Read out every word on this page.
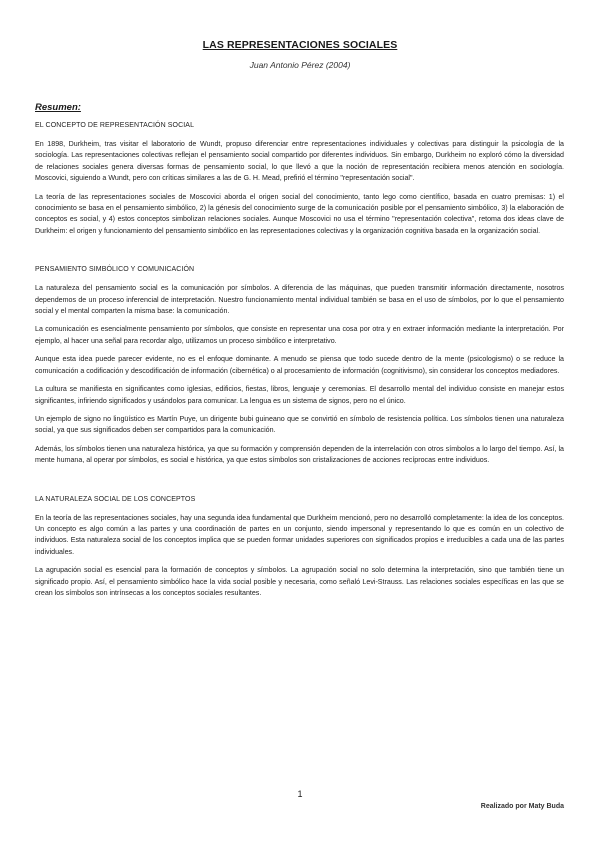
LAS REPRESENTACIONES SOCIALES
Juan Antonio Pérez (2004)
Resumen:
EL CONCEPTO DE REPRESENTACIÓN SOCIAL

En 1898, Durkheim, tras visitar el laboratorio de Wundt, propuso diferenciar entre representaciones individuales y colectivas para distinguir la psicología de la sociología. Las representaciones colectivas reflejan el pensamiento social compartido por diferentes individuos. Sin embargo, Durkheim no exploró cómo la diversidad de relaciones sociales genera diversas formas de pensamiento social, lo que llevó a que la noción de representación recibiera menos atención en sociología. Moscovici, siguiendo a Wundt, pero con críticas similares a las de G. H. Mead, prefirió el término "representación social".

La teoría de las representaciones sociales de Moscovici aborda el origen social del conocimiento, tanto lego como científico, basada en cuatro premisas: 1) el conocimiento se basa en el pensamiento simbólico, 2) la génesis del conocimiento surge de la comunicación posible por el pensamiento simbólico, 3) la elaboración de conceptos es social, y 4) estos conceptos simbolizan relaciones sociales. Aunque Moscovici no usa el término "representación colectiva", retoma dos ideas clave de Durkheim: el origen y funcionamiento del pensamiento simbólico en las representaciones colectivas y la organización cognitiva basada en la organización social.

PENSAMIENTO SIMBÓLICO Y COMUNICACIÓN

La naturaleza del pensamiento social es la comunicación por símbolos. A diferencia de las máquinas, que pueden transmitir información directamente, nosotros dependemos de un proceso inferencial de interpretación. Nuestro funcionamiento mental individual también se basa en el uso de símbolos, por lo que el pensamiento social y el mental comparten la misma base: la comunicación.

La comunicación es esencialmente pensamiento por símbolos, que consiste en representar una cosa por otra y en extraer información mediante la interpretación. Por ejemplo, al hacer una señal para recordar algo, utilizamos un proceso simbólico e interpretativo.

Aunque esta idea puede parecer evidente, no es el enfoque dominante. A menudo se piensa que todo sucede dentro de la mente (psicologismo) o se reduce la comunicación a codificación y descodificación de información (cibernética) o al procesamiento de información (cognitivismo), sin considerar los conceptos mediadores.

La cultura se manifiesta en significantes como iglesias, edificios, fiestas, libros, lenguaje y ceremonias. El desarrollo mental del individuo consiste en manejar estos significantes, infiriendo significados y usándolos para comunicar. La lengua es un sistema de signos, pero no el único.

Un ejemplo de signo no lingüístico es Martín Puye, un dirigente bubi guineano que se convirtió en símbolo de resistencia política. Los símbolos tienen una naturaleza social, ya que sus significados deben ser compartidos para la comunicación.

Además, los símbolos tienen una naturaleza histórica, ya que su formación y comprensión dependen de la interrelación con otros símbolos a lo largo del tiempo. Así, la mente humana, al operar por símbolos, es social e histórica, ya que estos símbolos son cristalizaciones de acciones recíprocas entre individuos.

LA NATURALEZA SOCIAL DE LOS CONCEPTOS

En la teoría de las representaciones sociales, hay una segunda idea fundamental que Durkheim mencionó, pero no desarrolló completamente: la idea de los conceptos. Un concepto es algo común a las partes y una coordinación de partes en un conjunto, siendo impersonal y representando lo que es común en un colectivo de individuos. Esta naturaleza social de los conceptos implica que se pueden formar unidades superiores con significados propios e irreducibles a cada una de las partes individuales.

La agrupación social es esencial para la formación de conceptos y símbolos. La agrupación social no solo determina la interpretación, sino que también tiene un significado propio. Así, el pensamiento simbólico hace la vida social posible y necesaria, como señaló Levi-Strauss. Las relaciones sociales específicas en las que se crean los símbolos son intrínsecas a los conceptos sociales resultantes.

1
Realizado por Maty Buda
